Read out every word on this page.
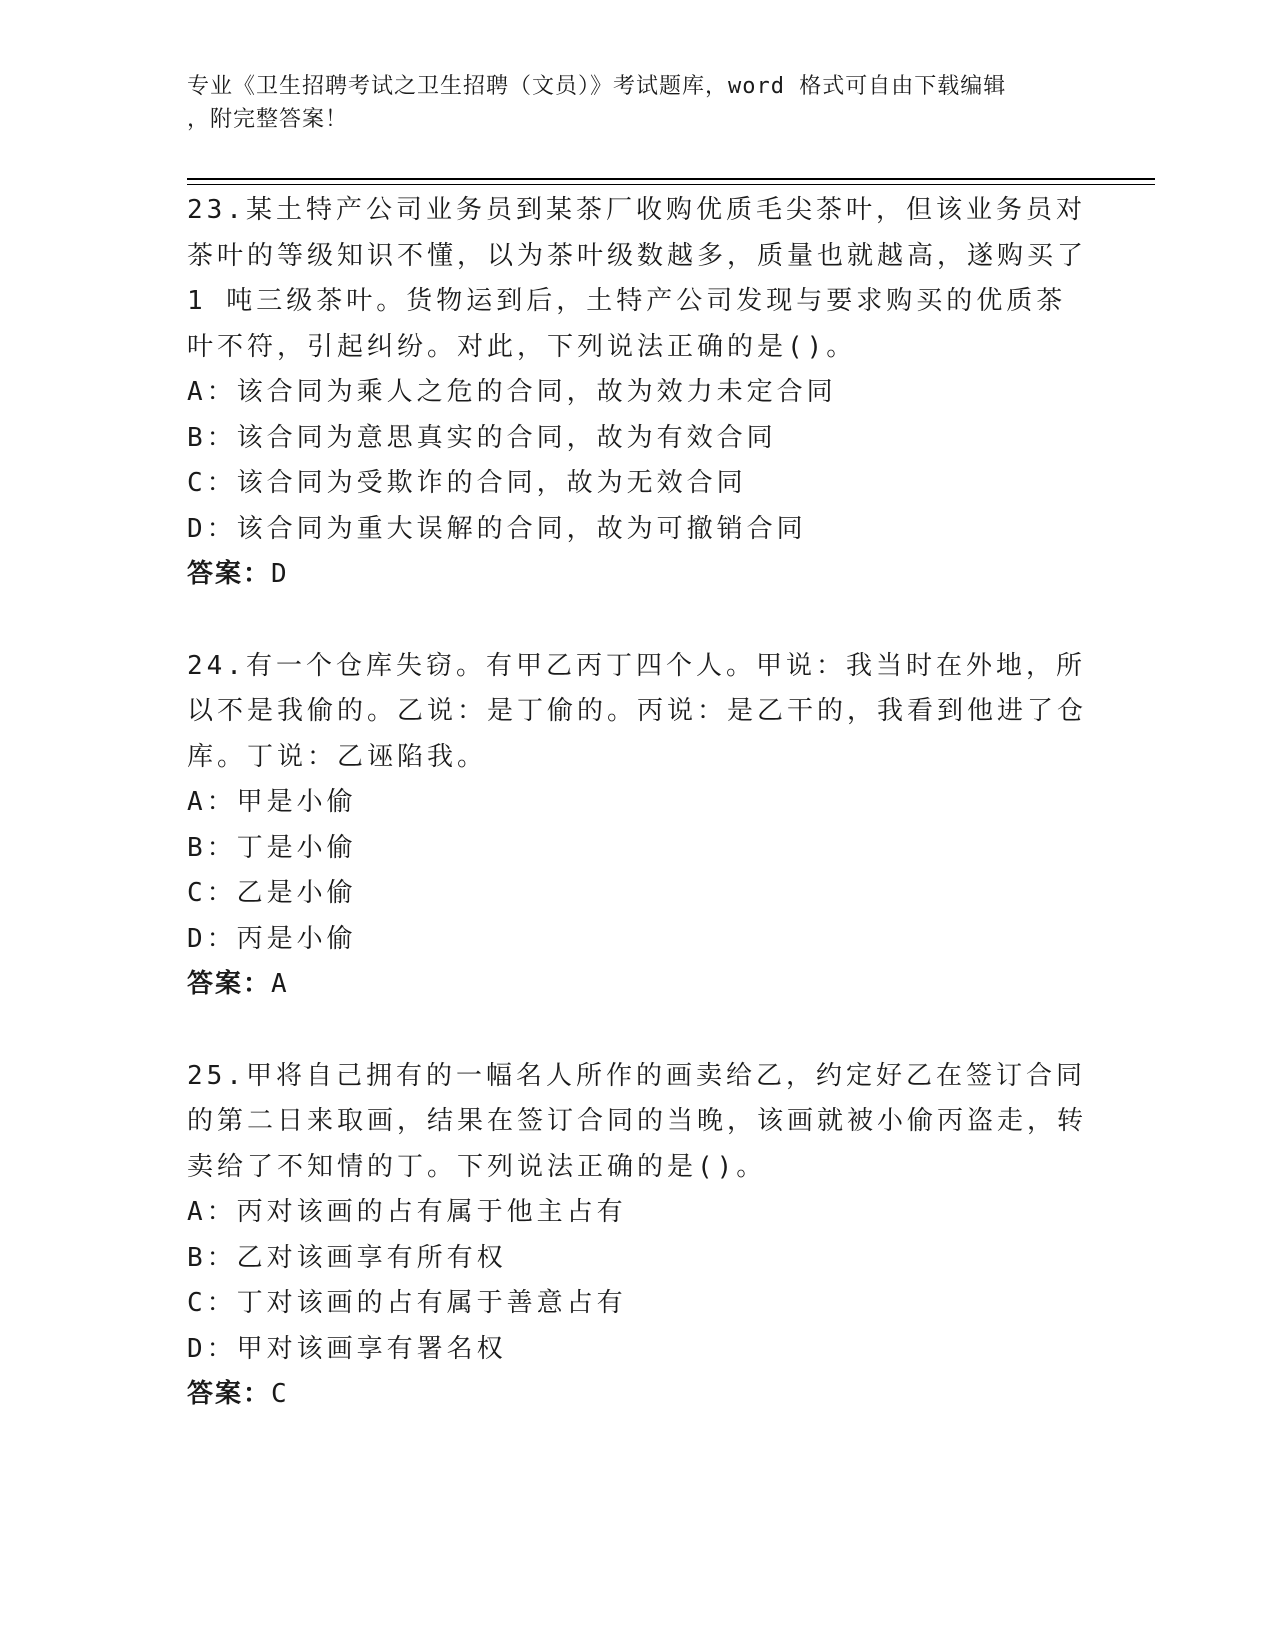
专业《卫生招聘考试之卫生招聘（文员）》考试题库，word 格式可自由下载编辑
，附完整答案！

23.某土特产公司业务员到某茶厂收购优质毛尖茶叶，但该业务员对茶叶的等级知识不懂，以为茶叶级数越多，质量也就越高，遂购买了 1 吨三级茶叶。货物运到后，土特产公司发现与要求购买的优质茶叶不符，引起纠纷。对此，下列说法正确的是()。

A：该合同为乘人之危的合同，故为效力未定合同

B：该合同为意思真实的合同，故为有效合同

C：该合同为受欺诈的合同，故为无效合同

D：该合同为重大误解的合同，故为可撤销合同

答案：D

24.有一个仓库失窃。有甲乙丙丁四个人。甲说：我当时在外地，所以不是我偷的。乙说：是丁偷的。丙说：是乙干的，我看到他进了仓库。丁说：乙诬陷我。

A：甲是小偷

B：丁是小偷

C：乙是小偷

D：丙是小偷

答案：A

25.甲将自己拥有的一幅名人所作的画卖给乙，约定好乙在签订合同的第二日来取画，结果在签订合同的当晚，该画就被小偷丙盗走，转卖给了不知情的丁。下列说法正确的是()。

A：丙对该画的占有属于他主占有

B：乙对该画享有所有权

C：丁对该画的占有属于善意占有

D：甲对该画享有署名权

答案：C
